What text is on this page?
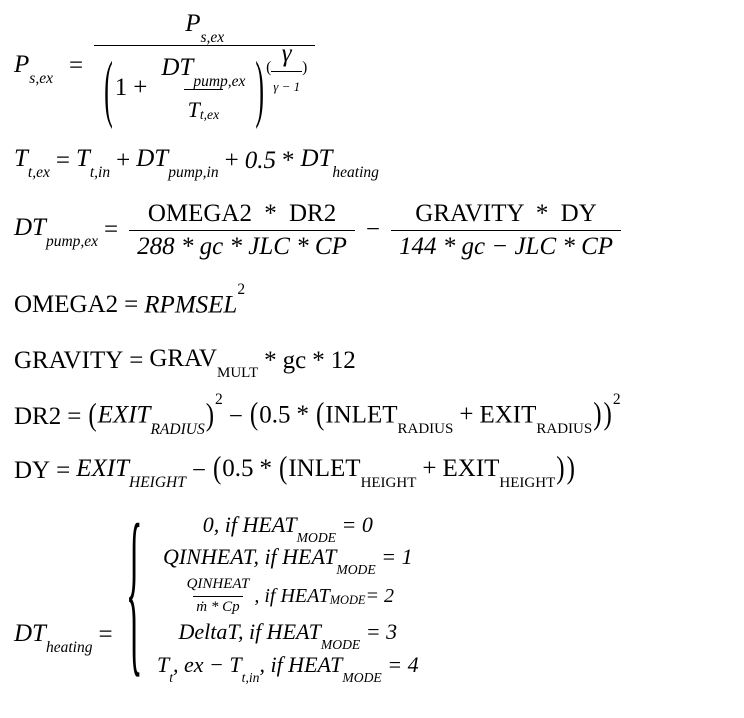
$P_{s,ex}$ =
$P_{s,ex}$
( $1 + \frac{DT_{pump,ex}}{\text{T t,ex}}$ ) ( $\frac{\gamma}{\gamma - 1}$ )
$T_{t,ex} = T_{t,in} + DT_{pump,in} + 0.5 * DT_{heating}$
$DT_{pump,ex} = \frac{\text{OMEGA2 * DR2}}{\text{288 * gc * JLC * CP}} - \frac{\text{GRAVITY * DY}}{\text{144 * gc − JLC * CP}}$
OMEGA2 = $RPMSEL^2$
GRAVITY = $GRAV_{MULT}$ * gc * 12
$DR2 = (EXIT_{RADIUS})^2$
− ($0.5 * (INLET_{RADIUS}+$ $EXIT_{RADIUS}))^2$
DY = $EXIT_{HEIGHT} - (0.5$ * ($INLET_{HEIGHT}+$ $EXIT_{HEIGHT}$))
$DT_{heating}$ = {	0, if $HEAT_{MODE} = 0$
QINHEAT, if $HEAT_{MODE} = 1$
$\frac{\text{QINHEAT}}{\text{ṁ * Cp}}$ , if HEAT MODE = 2
DeltaT, if $HEAT_{MODE} = 3$
$T_t$, ex − $T_{t,in}$, if $HEAT_{MODE} = 4$
